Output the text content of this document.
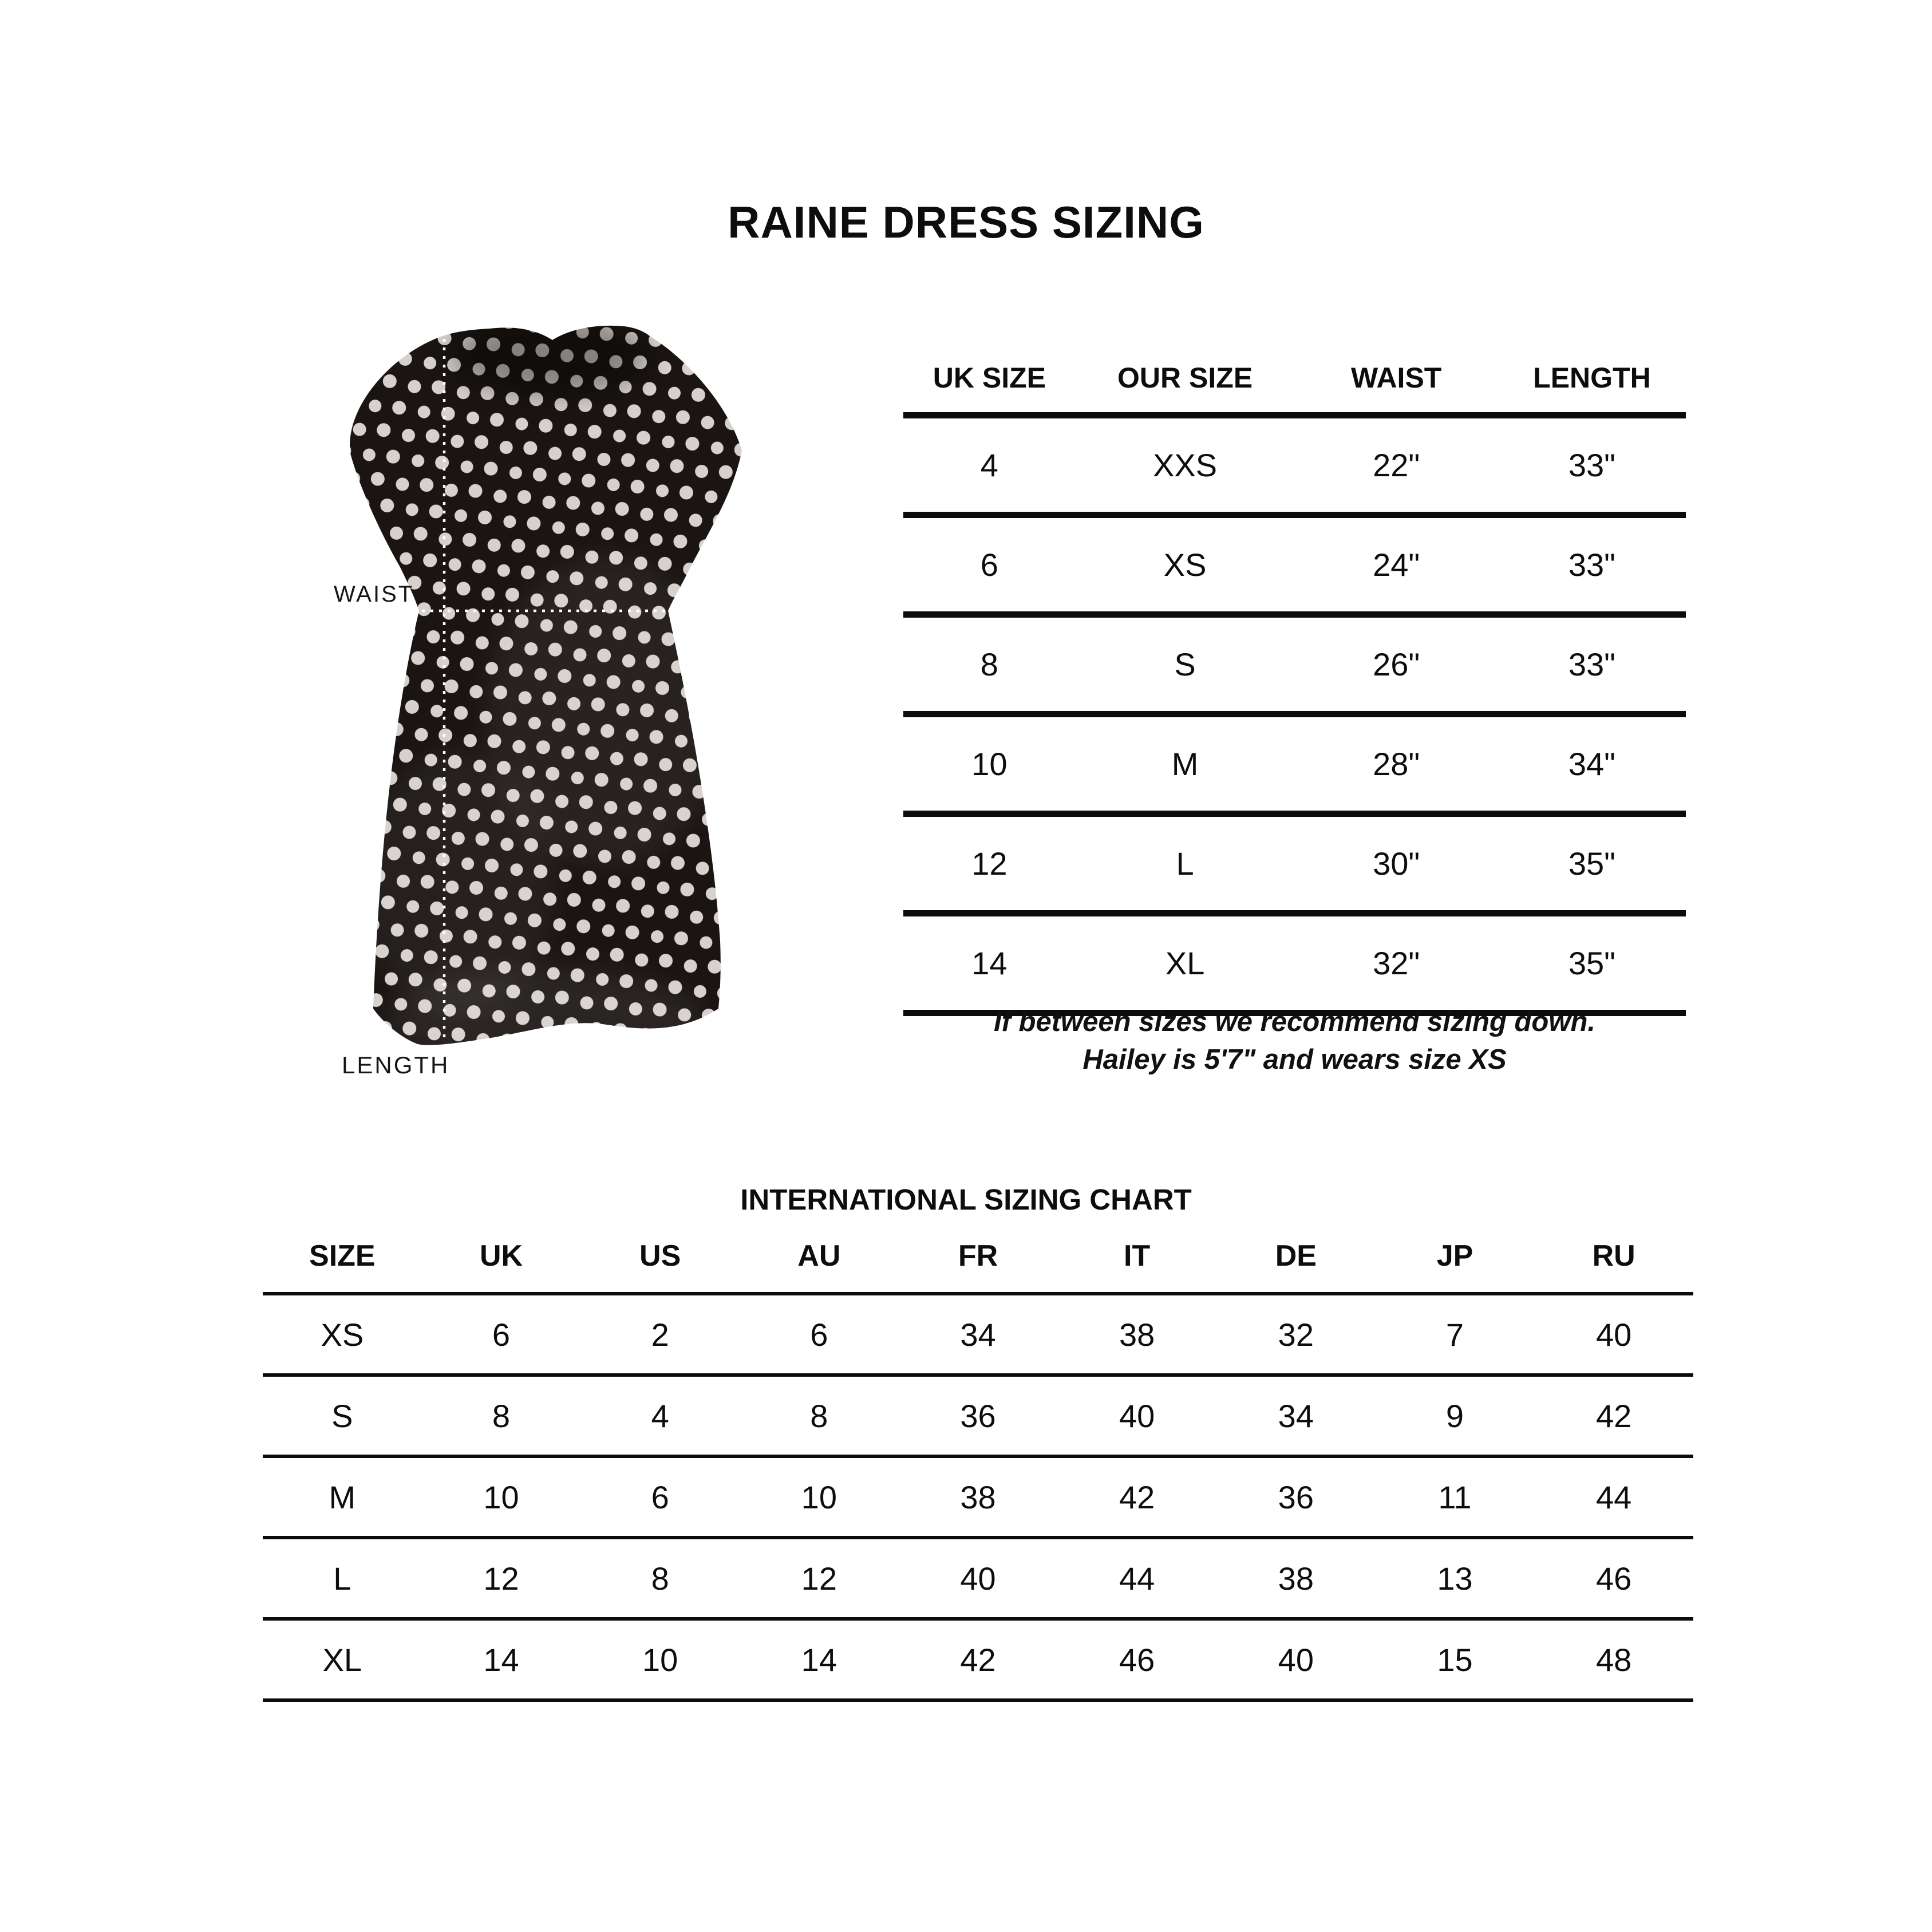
RAINE DRESS SIZING
WAIST
LENGTH
UK SIZE	OUR SIZE	WAIST	LENGTH
4	XXS	22"	33"
6	XS	24"	33"
8	S	26"	33"
10	M	28"	34"
12	L	30"	35"
14	XL	32"	35"
If between sizes we recommend sizing down.
Hailey is 5'7" and wears size XS
INTERNATIONAL SIZING CHART
SIZE	UK	US	AU	FR	IT	DE	JP	RU
XS	6	2	6	34	38	32	7	40
S	8	4	8	36	40	34	9	42
M	10	6	10	38	42	36	11	44
L	12	8	12	40	44	38	13	46
XL	14	10	14	42	46	40	15	48
